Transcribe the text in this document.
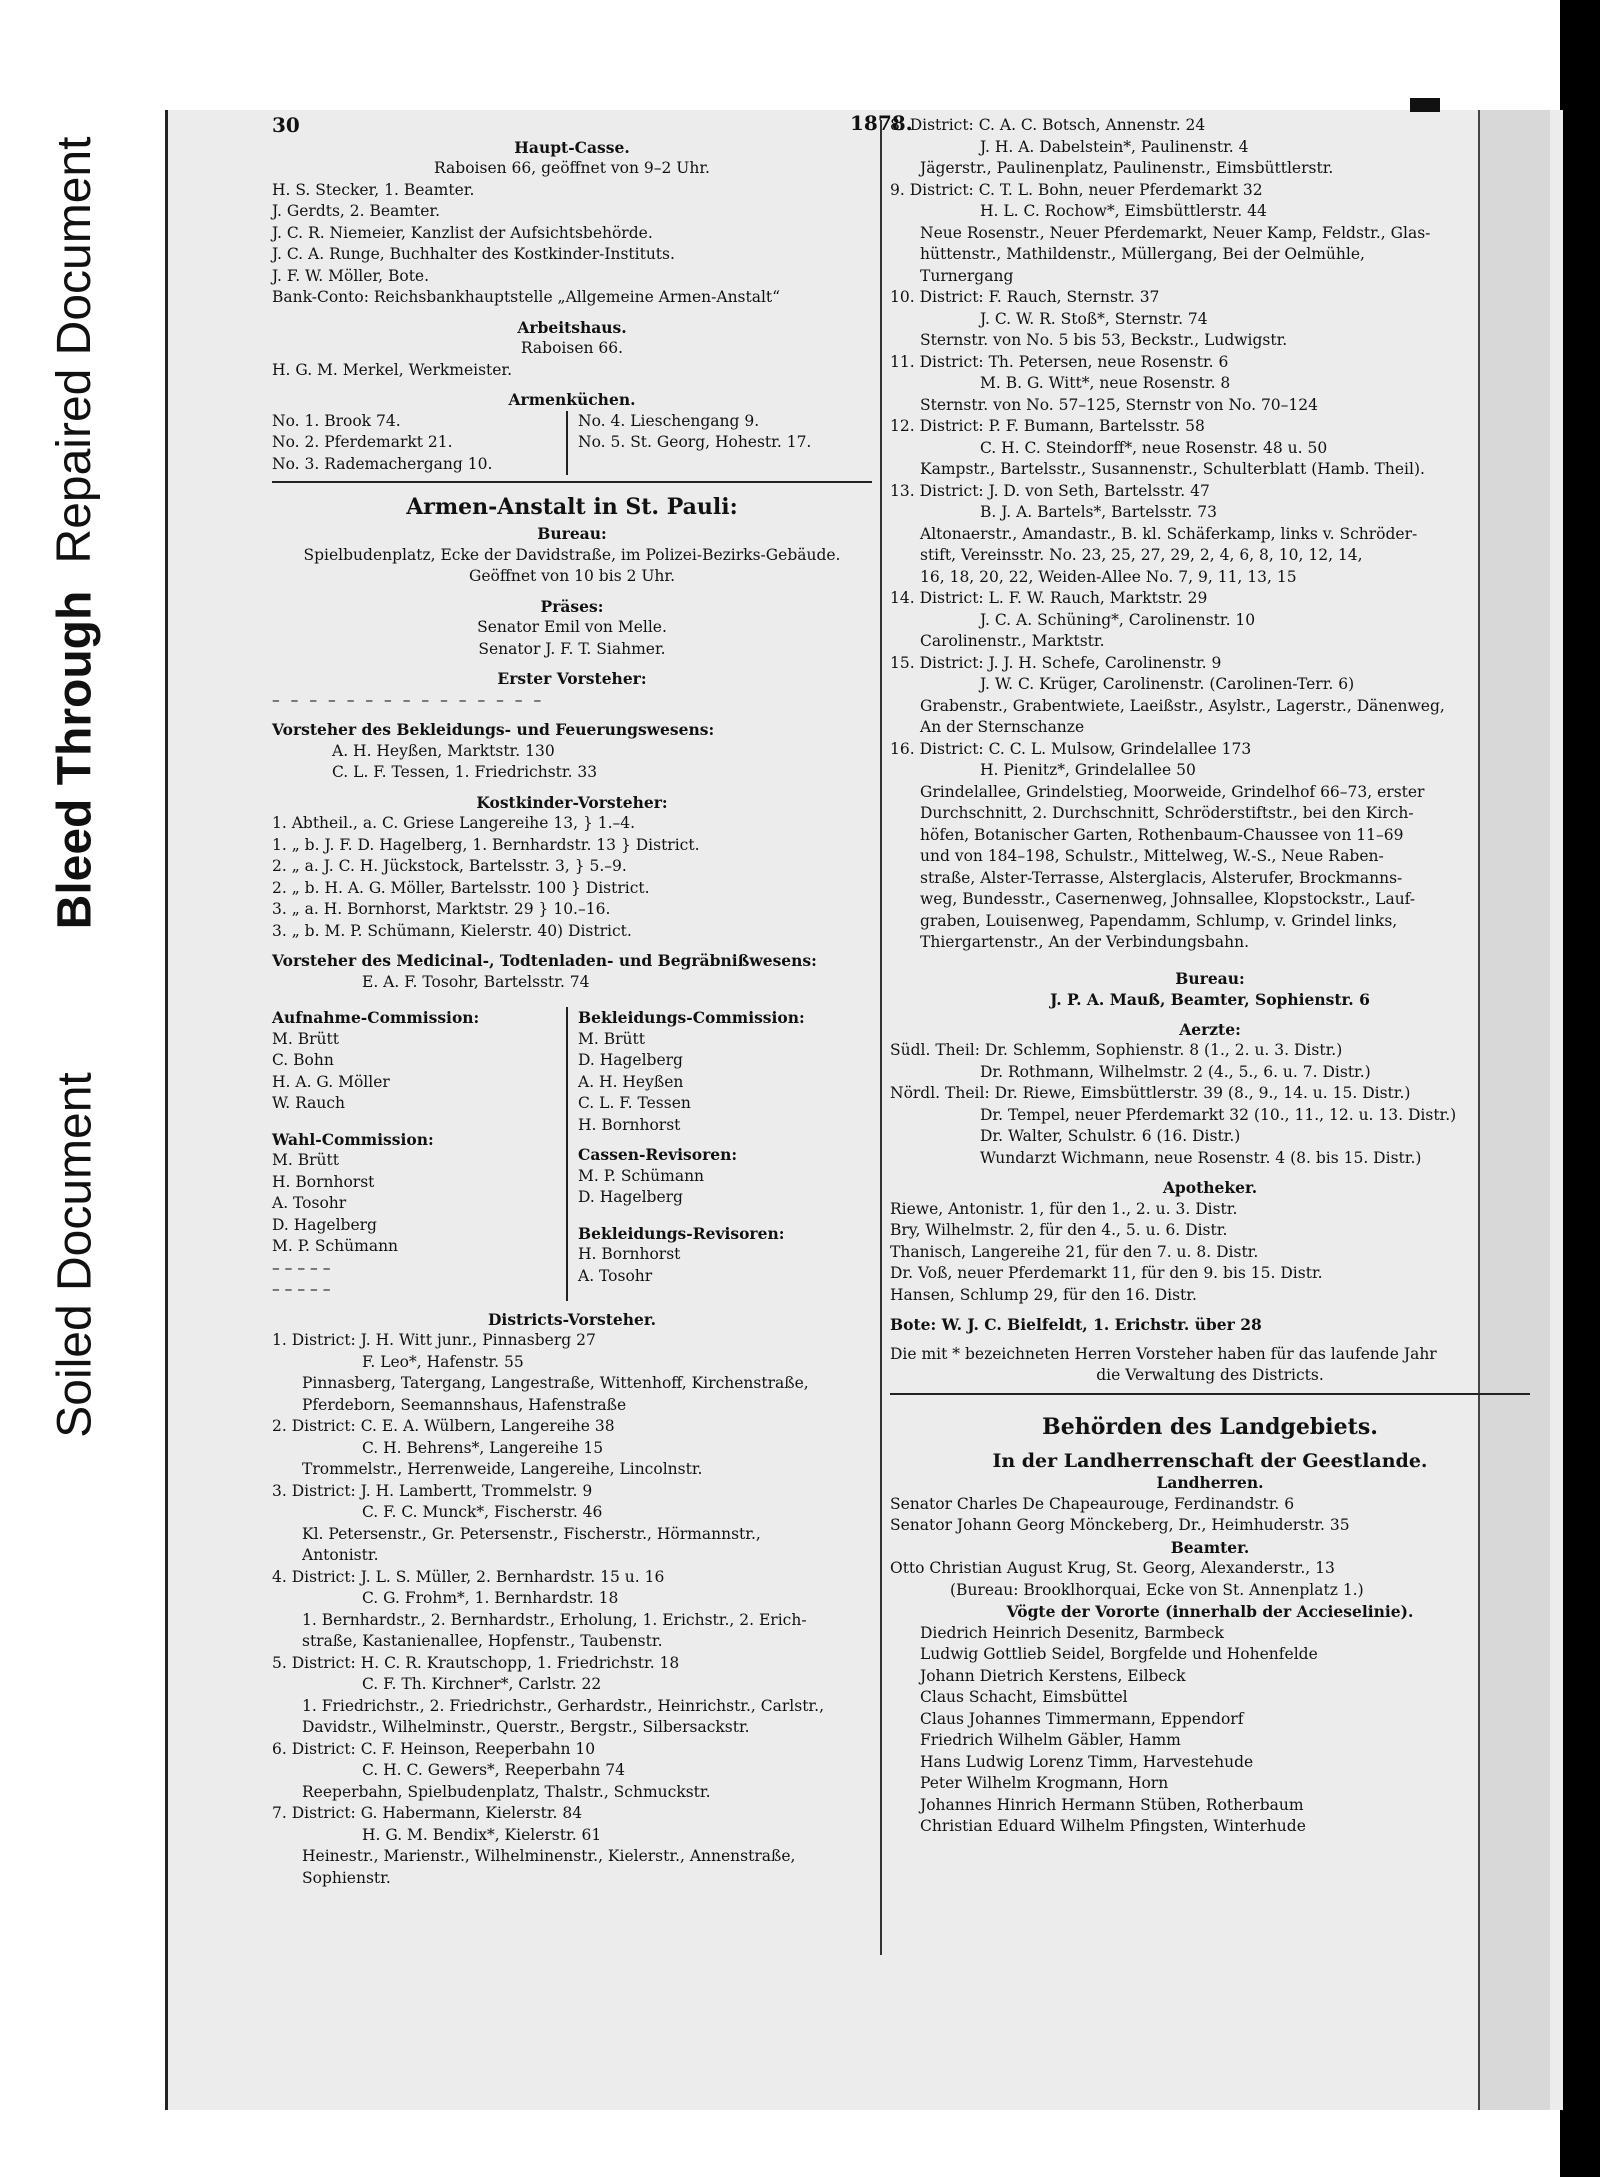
Repaired Document
Bleed Through
Soiled Document
30
Haupt-Casse.
Raboisen 66, geöffnet von 9–2 Uhr.
H. S. Stecker, 1. Beamter.
J. Gerdts, 2. Beamter.
J. C. R. Niemeier, Kanzlist der Aufsichtsbehörde.
J. C. A. Runge, Buchhalter des Kostkinder-Instituts.
J. F. W. Möller, Bote.
Bank-Conto: Reichsbankhauptstelle „Allgemeine Armen-Anstalt“
Arbeitshaus.
Raboisen 66.
H. G. M. Merkel, Werkmeister.
Armenküchen.
No. 1. Brook 74.
No. 2. Pferdemarkt 21.
No. 3. Rademachergang 10.
No. 4. Lieschengang 9.
No. 5. St. Georg, Hohestr. 17.
Armen-Anstalt in St. Pauli:
Bureau:
Spielbudenplatz, Ecke der Davidstraße, im Polizei-Bezirks-Gebäude.
Geöffnet von 10 bis 2 Uhr.
Präses:
Senator Emil von Melle.
Senator J. F. T. Siahmer.
Erster Vorsteher:
– – – – – – – – – – – – – – –
Vorsteher des Bekleidungs- und Feuerungswesens:
A. H. Heyßen, Marktstr. 130
C. L. F. Tessen, 1. Friedrichstr. 33
Kostkinder-Vorsteher:
1. Abtheil., a. C. Griese Langereihe 13, } 1.–4.
1. „ b. J. F. D. Hagelberg, 1. Bernhardstr. 13 } District.
2. „ a. J. C. H. Jückstock, Bartelsstr. 3, } 5.–9.
2. „ b. H. A. G. Möller, Bartelsstr. 100 } District.
3. „ a. H. Bornhorst, Marktstr. 29 } 10.–16.
3. „ b. M. P. Schümann, Kielerstr. 40) District.
Vorsteher des Medicinal-, Todtenladen- und Begräbnißwesens:
E. A. F. Tosohr, Bartelsstr. 74
Aufnahme-Commission:
M. Brütt
C. Bohn
H. A. G. Möller
W. Rauch
Wahl-Commission:
M. Brütt
H. Bornhorst
A. Tosohr
D. Hagelberg
M. P. Schümann
– – – – –
– – – – –
Bekleidungs-Commission:
M. Brütt
D. Hagelberg
A. H. Heyßen
C. L. F. Tessen
H. Bornhorst
Cassen-Revisoren:
M. P. Schümann
D. Hagelberg
Bekleidungs-Revisoren:
H. Bornhorst
A. Tosohr
Districts-Vorsteher.
1. District: J. H. Witt junr., Pinnasberg 27
F. Leo*, Hafenstr. 55
Pinnasberg, Tatergang, Langestraße, Wittenhoff, Kirchenstraße,
Pferdeborn, Seemannshaus, Hafenstraße
2. District: C. E. A. Wülbern, Langereihe 38
C. H. Behrens*, Langereihe 15
Trommelstr., Herrenweide, Langereihe, Lincolnstr.
3. District: J. H. Lambertt, Trommelstr. 9
C. F. C. Munck*, Fischerstr. 46
Kl. Petersenstr., Gr. Petersenstr., Fischerstr., Hörmannstr.,
Antonistr.
4. District: J. L. S. Müller, 2. Bernhardstr. 15 u. 16
C. G. Frohm*, 1. Bernhardstr. 18
1. Bernhardstr., 2. Bernhardstr., Erholung, 1. Erichstr., 2. Erich-
straße, Kastanienallee, Hopfenstr., Taubenstr.
5. District: H. C. R. Krautschopp, 1. Friedrichstr. 18
C. F. Th. Kirchner*, Carlstr. 22
1. Friedrichstr., 2. Friedrichstr., Gerhardstr., Heinrichstr., Carlstr.,
Davidstr., Wilhelminstr., Querstr., Bergstr., Silbersackstr.
6. District: C. F. Heinson, Reeperbahn 10
C. H. C. Gewers*, Reeperbahn 74
Reeperbahn, Spielbudenplatz, Thalstr., Schmuckstr.
7. District: G. Habermann, Kielerstr. 84
H. G. M. Bendix*, Kielerstr. 61
Heinestr., Marienstr., Wilhelminenstr., Kielerstr., Annenstraße,
Sophienstr.
1878.
8. District: C. A. C. Botsch, Annenstr. 24
J. H. A. Dabelstein*, Paulinenstr. 4
Jägerstr., Paulinenplatz, Paulinenstr., Eimsbüttlerstr.
9. District: C. T. L. Bohn, neuer Pferdemarkt 32
H. L. C. Rochow*, Eimsbüttlerstr. 44
Neue Rosenstr., Neuer Pferdemarkt, Neuer Kamp, Feldstr., Glas-
hüttenstr., Mathildenstr., Müllergang, Bei der Oelmühle,
Turnergang
10. District: F. Rauch, Sternstr. 37
J. C. W. R. Stoß*, Sternstr. 74
Sternstr. von No. 5 bis 53, Beckstr., Ludwigstr.
11. District: Th. Petersen, neue Rosenstr. 6
M. B. G. Witt*, neue Rosenstr. 8
Sternstr. von No. 57–125, Sternstr von No. 70–124
12. District: P. F. Bumann, Bartelsstr. 58
C. H. C. Steindorff*, neue Rosenstr. 48 u. 50
Kampstr., Bartelsstr., Susannenstr., Schulterblatt (Hamb. Theil).
13. District: J. D. von Seth, Bartelsstr. 47
B. J. A. Bartels*, Bartelsstr. 73
Altonaerstr., Amandastr., B. kl. Schäferkamp, links v. Schröder-
stift, Vereinsstr. No. 23, 25, 27, 29, 2, 4, 6, 8, 10, 12, 14,
16, 18, 20, 22, Weiden-Allee No. 7, 9, 11, 13, 15
14. District: L. F. W. Rauch, Marktstr. 29
J. C. A. Schüning*, Carolinenstr. 10
Carolinenstr., Marktstr.
15. District: J. J. H. Schefe, Carolinenstr. 9
J. W. C. Krüger, Carolinenstr. (Carolinen-Terr. 6)
Grabenstr., Grabentwiete, Laeißstr., Asylstr., Lagerstr., Dänenweg,
An der Sternschanze
16. District: C. C. L. Mulsow, Grindelallee 173
H. Pienitz*, Grindelallee 50
Grindelallee, Grindelstieg, Moorweide, Grindelhof 66–73, erster
Durchschnitt, 2. Durchschnitt, Schröderstiftstr., bei den Kirch-
höfen, Botanischer Garten, Rothenbaum-Chaussee von 11–69
und von 184–198, Schulstr., Mittelweg, W.-S., Neue Raben-
straße, Alster-Terrasse, Alsterglacis, Alsterufer, Brockmanns-
weg, Bundesstr., Casernenweg, Johnsallee, Klopstockstr., Lauf-
graben, Louisenweg, Papendamm, Schlump, v. Grindel links,
Thiergartenstr., An der Verbindungsbahn.
Bureau:
J. P. A. Mauß, Beamter, Sophienstr. 6
Aerzte:
Südl. Theil: Dr. Schlemm, Sophienstr. 8 (1., 2. u. 3. Distr.)
Dr. Rothmann, Wilhelmstr. 2 (4., 5., 6. u. 7. Distr.)
Nördl. Theil: Dr. Riewe, Eimsbüttlerstr. 39 (8., 9., 14. u. 15. Distr.)
Dr. Tempel, neuer Pferdemarkt 32 (10., 11., 12. u. 13. Distr.)
Dr. Walter, Schulstr. 6 (16. Distr.)
Wundarzt Wichmann, neue Rosenstr. 4 (8. bis 15. Distr.)
Apotheker.
Riewe, Antonistr. 1, für den 1., 2. u. 3. Distr.
Bry, Wilhelmstr. 2, für den 4., 5. u. 6. Distr.
Thanisch, Langereihe 21, für den 7. u. 8. Distr.
Dr. Voß, neuer Pferdemarkt 11, für den 9. bis 15. Distr.
Hansen, Schlump 29, für den 16. Distr.
Bote: W. J. C. Bielfeldt, 1. Erichstr. über 28
Die mit * bezeichneten Herren Vorsteher haben für das laufende Jahr
die Verwaltung des Districts.
Behörden des Landgebiets.
In der Landherrenschaft der Geestlande.
Landherren.
Senator Charles De Chapeaurouge, Ferdinandstr. 6
Senator Johann Georg Mönckeberg, Dr., Heimhuderstr. 35
Beamter.
Otto Christian August Krug, St. Georg, Alexanderstr., 13
(Bureau: Brooklhorquai, Ecke von St. Annenplatz 1.)
Vögte der Vororte (innerhalb der Accieselinie).
Diedrich Heinrich Desenitz, Barmbeck
Ludwig Gottlieb Seidel, Borgfelde und Hohenfelde
Johann Dietrich Kerstens, Eilbeck
Claus Schacht, Eimsbüttel
Claus Johannes Timmermann, Eppendorf
Friedrich Wilhelm Gäbler, Hamm
Hans Ludwig Lorenz Timm, Harvestehude
Peter Wilhelm Krogmann, Horn
Johannes Hinrich Hermann Stüben, Rotherbaum
Christian Eduard Wilhelm Pfingsten, Winterhude
